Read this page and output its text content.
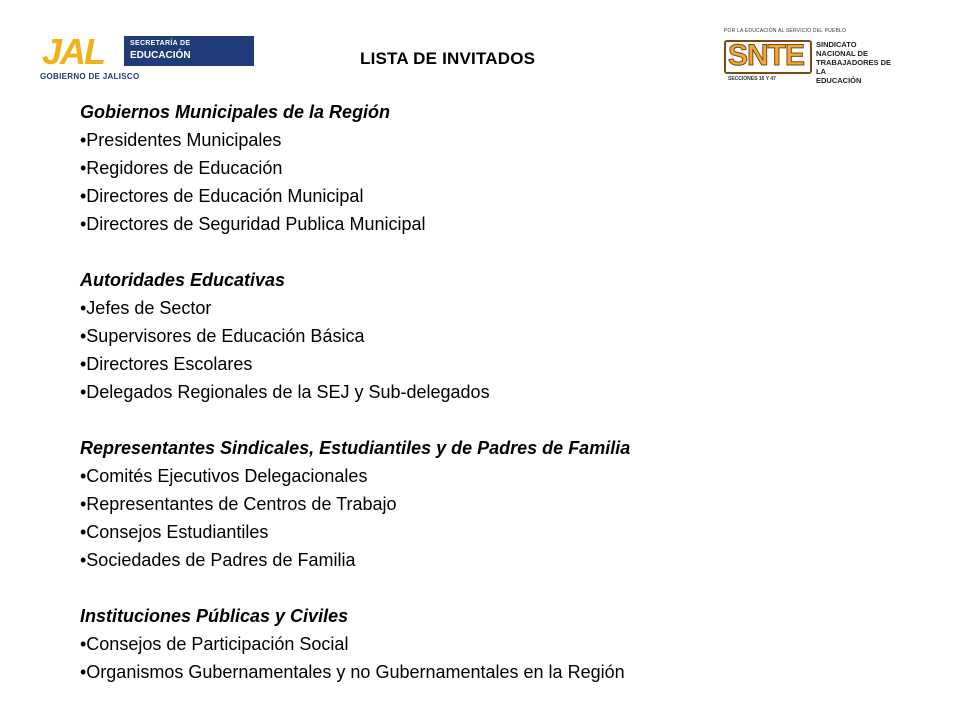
JAL	SECRETARÍA DE
EDUCACIÓN
GOBIERNO DE JALISCO
LISTA DE INVITADOS
POR LA EDUCACIÓN AL SERVICIO DEL PUEBLO
SNTE
SECCIONES 16 Y 47
SINDICATO
NACIONAL DE
TRABAJADORES DE LA
EDUCACIÓN
Gobiernos Municipales de la Región
•Presidentes Municipales
•Regidores de Educación
•Directores de Educación Municipal
•Directores de Seguridad Publica Municipal
Autoridades Educativas
•Jefes de Sector
•Supervisores de Educación Básica
•Directores Escolares
•Delegados Regionales de la SEJ y Sub-delegados
Representantes Sindicales, Estudiantiles y de Padres de Familia
•Comités Ejecutivos Delegacionales
•Representantes de Centros de Trabajo
•Consejos Estudiantiles
•Sociedades de Padres de Familia
Instituciones Públicas y Civiles
•Consejos de Participación Social
•Organismos Gubernamentales y no Gubernamentales en la Región
